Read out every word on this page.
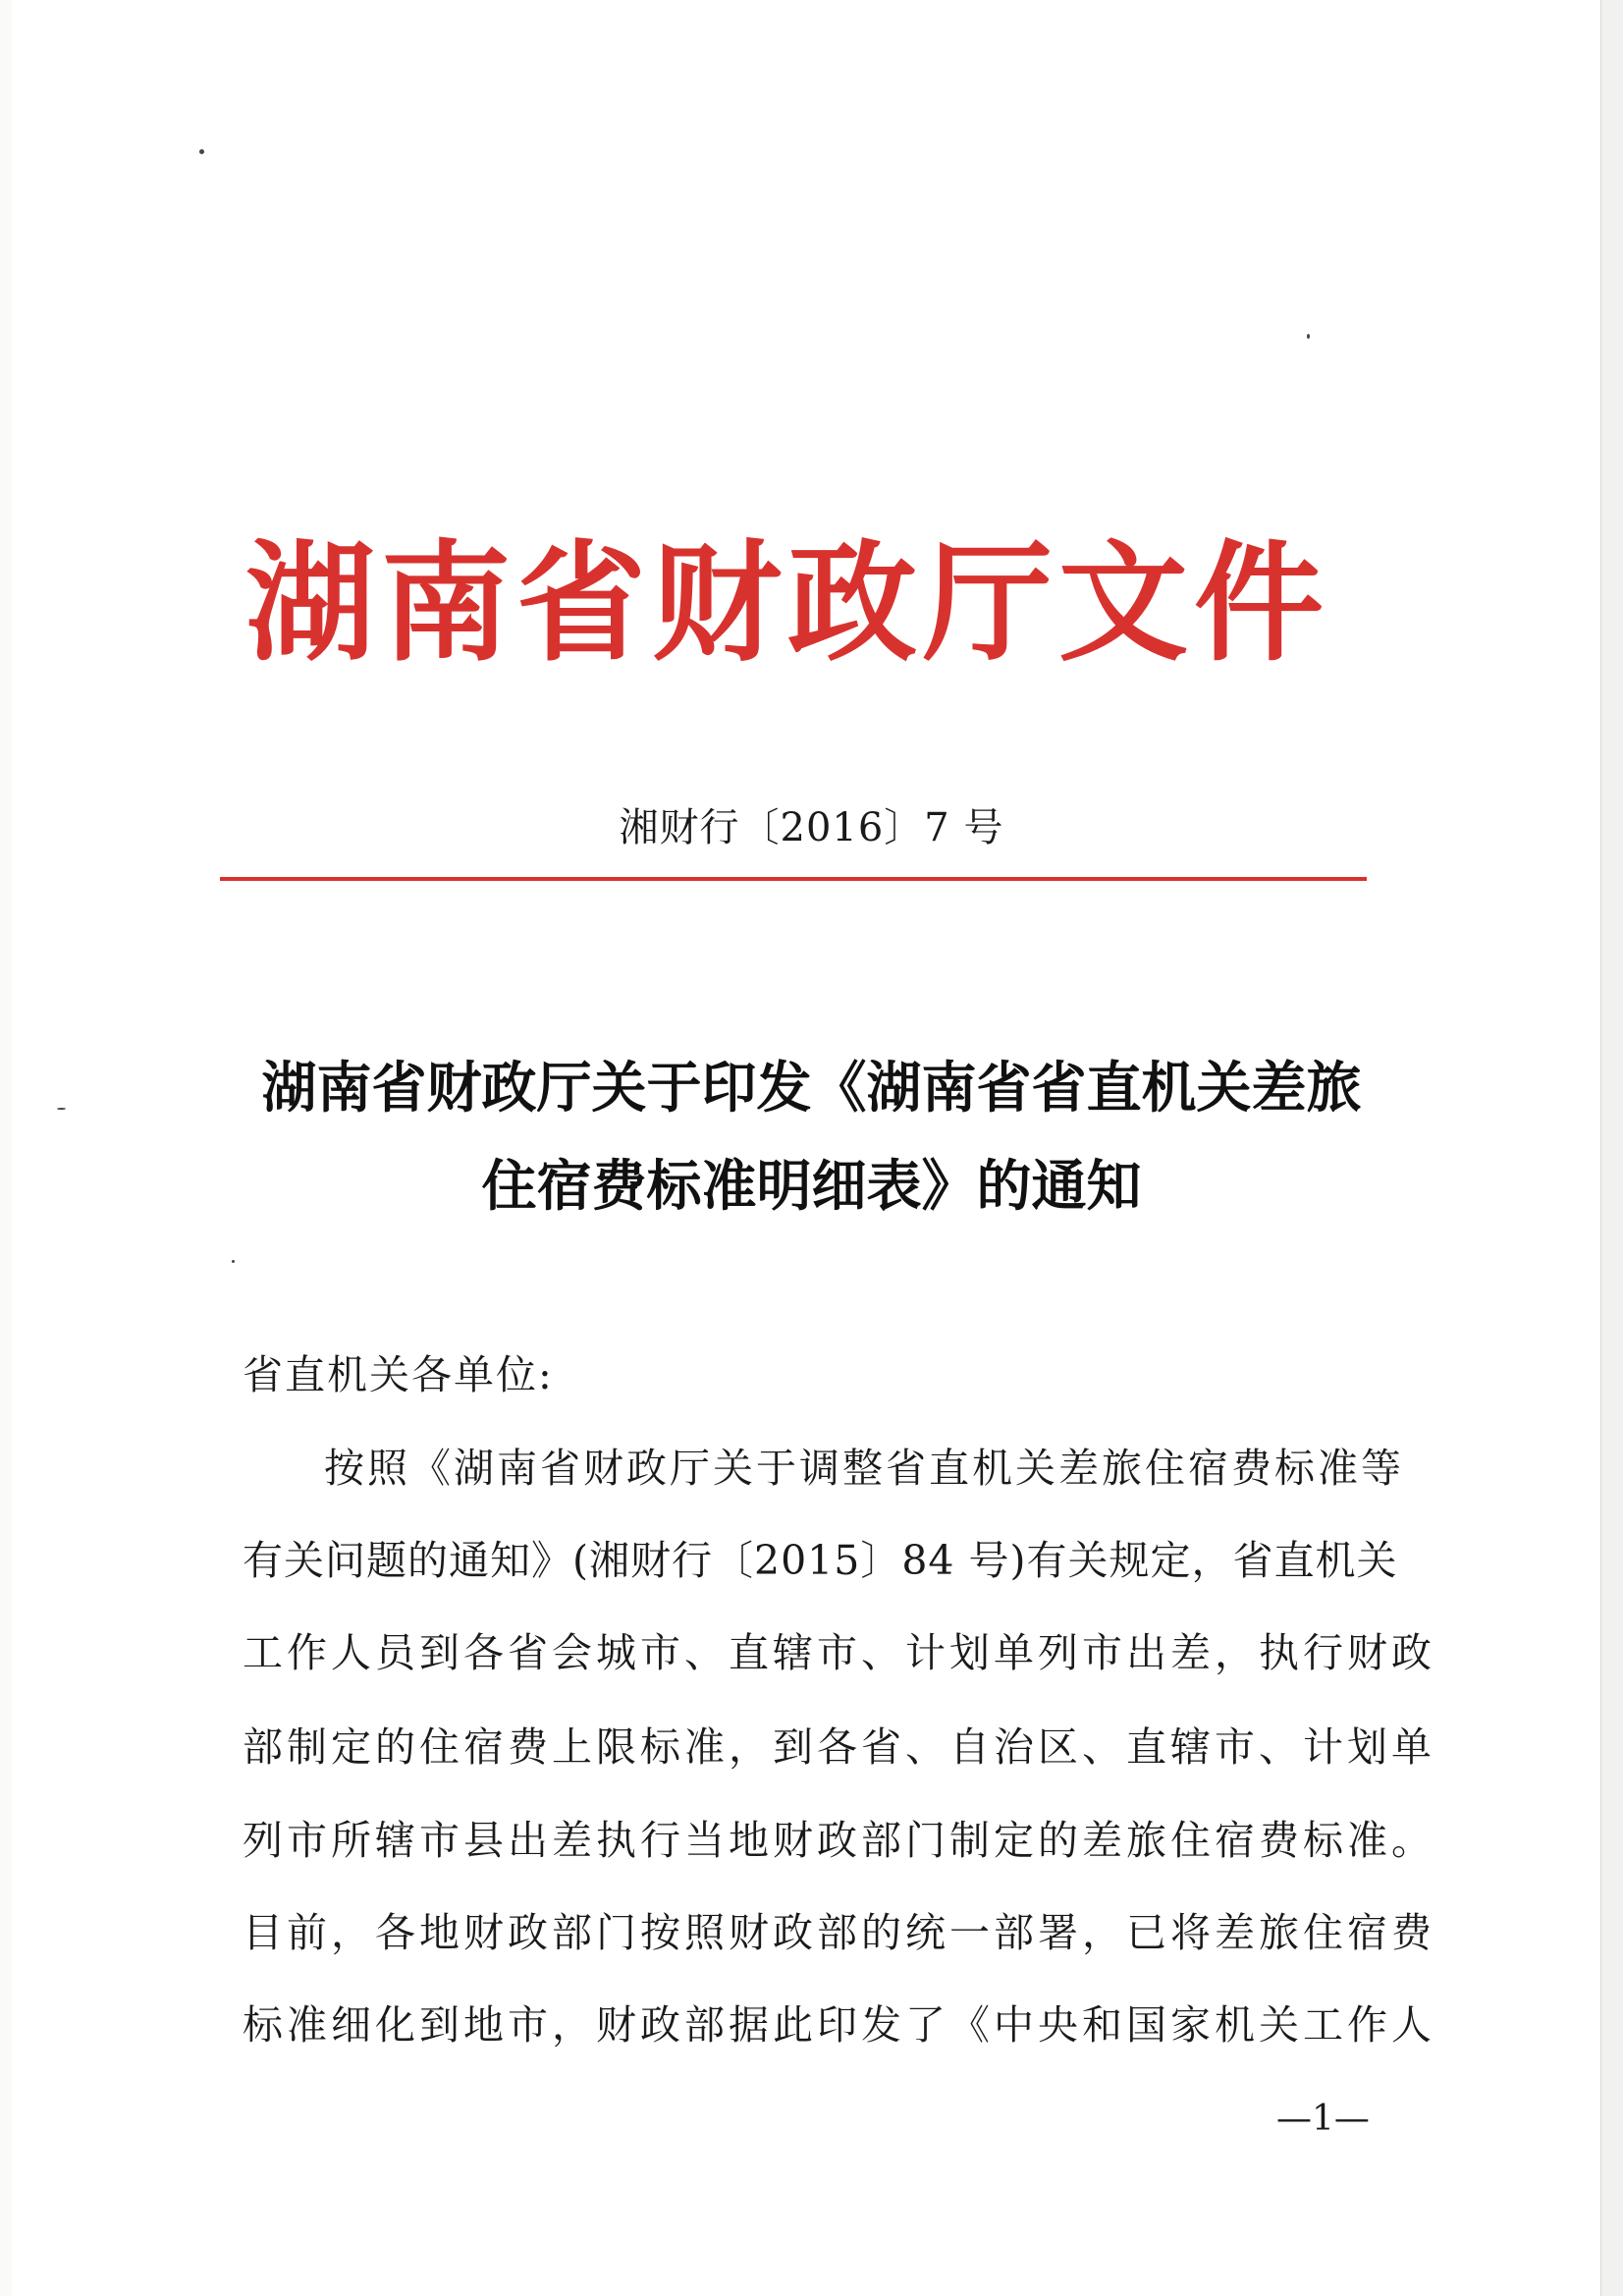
湖南省财政厅文件
湘财行〔2016〕7 号
湖南省财政厅关于印发《湖南省省直机关差旅
住宿费标准明细表》的通知
省直机关各单位:
按照《湖南省财政厅关于调整省直机关差旅住宿费标准等
有关问题的通知》(湘财行〔2015〕84 号)有关规定，省直机关
工作人员到各省会城市、直辖市、计划单列市出差，执行财政
部制定的住宿费上限标准，到各省、自治区、直辖市、计划单
列市所辖市县出差执行当地财政部门制定的差旅住宿费标准。
目前，各地财政部门按照财政部的统一部署，已将差旅住宿费
标准细化到地市，财政部据此印发了《中央和国家机关工作人
—1—
